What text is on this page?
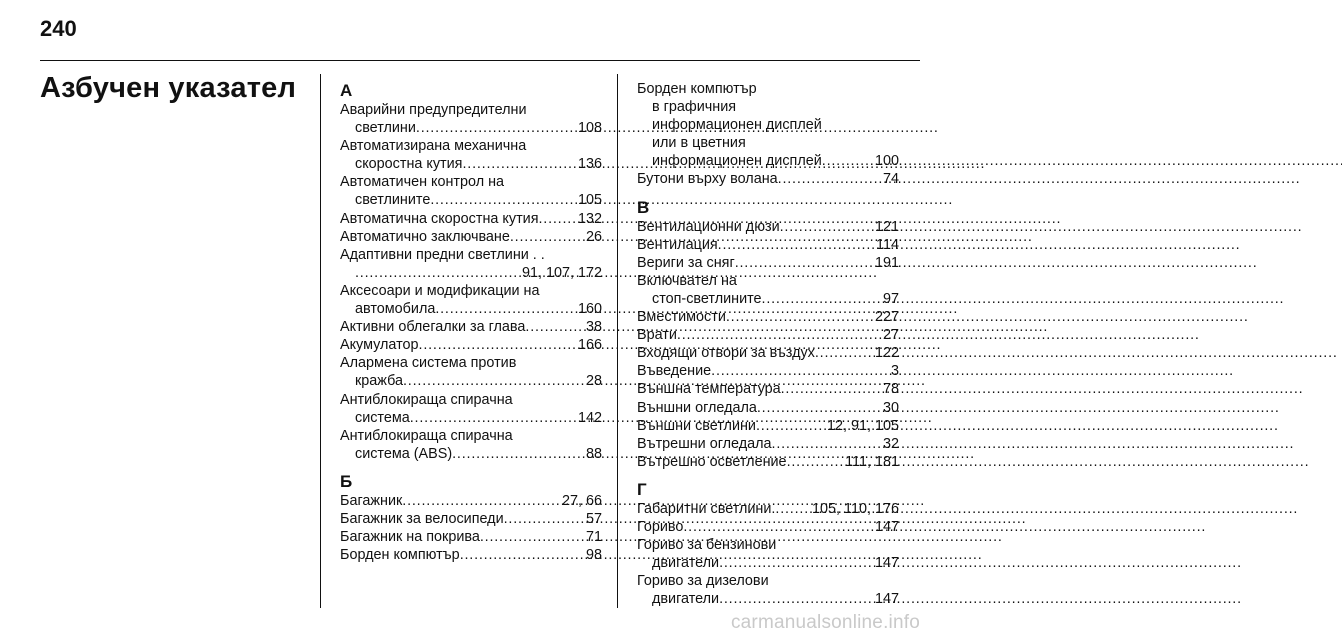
240
Азбучен указател	А
Аварийни предупредителни
светлини . . .	108
Автоматизирана механична
скоростна кутия . . .	136
Автоматичен контрол на
светлините . . .	105
Автоматична скоростна кутия . . .	132
Автоматично заключване . . .	26
Адаптивни предни светлини . .
. . .
91, 107, 172
Аксесоари и модификации на
автомобила . . .	160
Активни облегалки за глава . . .	38
Акумулатор . . .	166
Алармена система против
кражба . . .	28
Антиблокираща спирачна
система . . .	142
Антиблокираща спирачна
система (ABS) . . .	88
Б
Багажник . . .	27, 66
Багажник за велосипеди . . .	57
Багажник на покрива . . .	71
Борден компютър . . .	98
Борден компютър
в графичния
информационен дисплей
или в цветния
информационен дисплей . . .	100
Бутони върху волана . . .	74
В
Вентилационни дюзи . . .	121
Вентилация . . .	114
Вериги за сняг . . .	191
Включвател на
стоп-светлините . . .	97
Вместимости . . .	227
Врати . . .	27
Входящи отвори за въздух . . .	122
Въведение . . .	3
Външна температура . . .	78
Външни огледала . . .	30
Външни светлини . . .	12, 91, 105
Вътрешни огледала . . .	32
Вътрешно осветление . . .	111, 181
Г
Габаритни светлини. . . .	105, 110, 176
Гориво . . .	147
Гориво за бензинови
двигатели . . .	147
Гориво за дизелови
двигатели . . .	147
carmanualsonline.info
